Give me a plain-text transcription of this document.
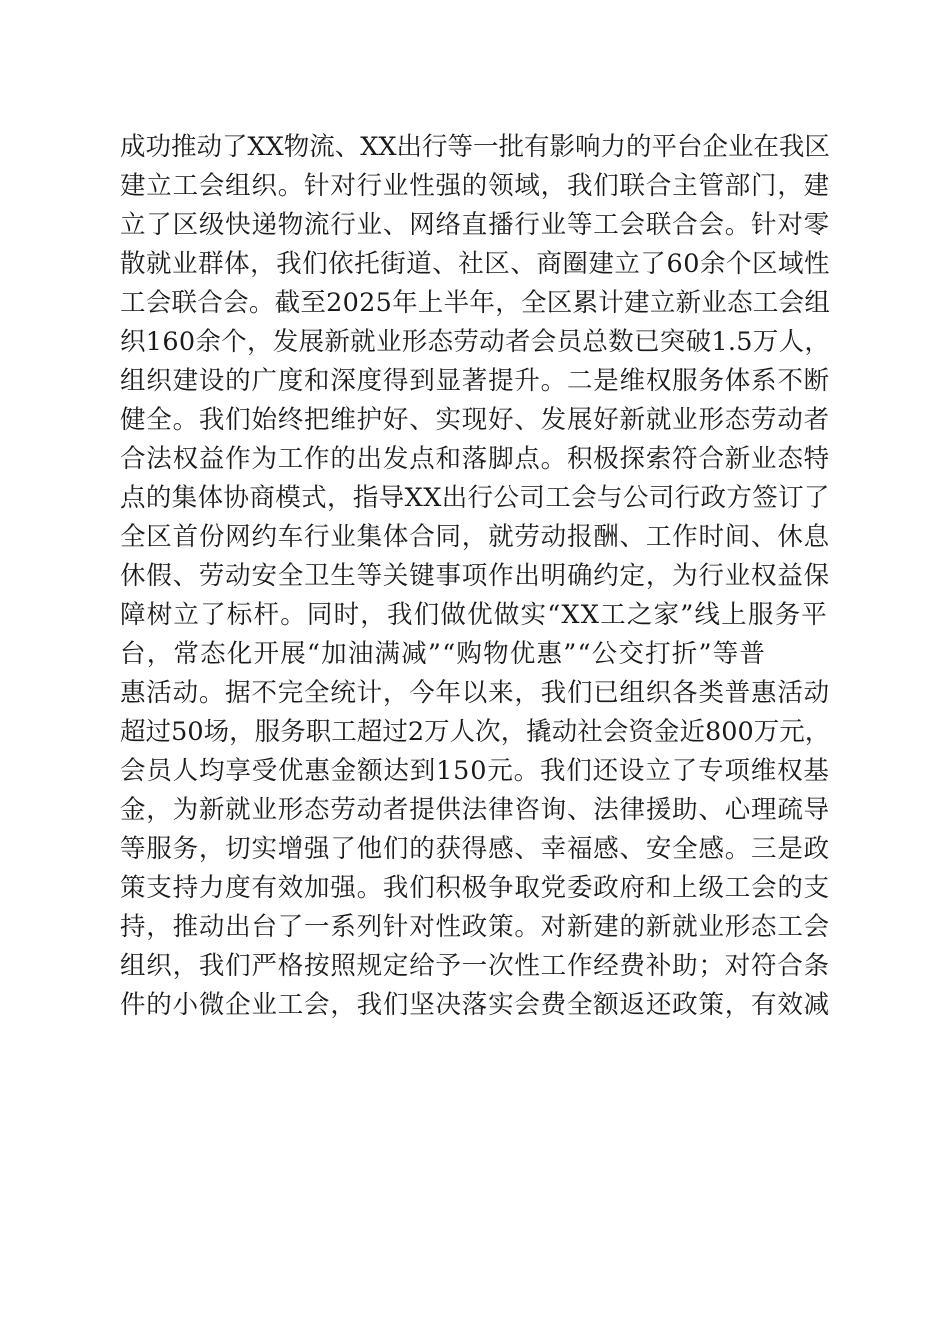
成功推动了XX物流、XX出行等一批有影响力的平台企业在我区
建立工会组织。针对行业性强的领域，我们联合主管部门，建
立了区级快递物流行业、网络直播行业等工会联合会。针对零
散就业群体，我们依托街道、社区、商圈建立了60余个区域性
工会联合会。截至2025年上半年，全区累计建立新业态工会组
织160余个，发展新就业形态劳动者会员总数已突破1.5万人，
组织建设的广度和深度得到显著提升。二是维权服务体系不断
健全。我们始终把维护好、实现好、发展好新就业形态劳动者
合法权益作为工作的出发点和落脚点。积极探索符合新业态特
点的集体协商模式，指导XX出行公司工会与公司行政方签订了
全区首份网约车行业集体合同，就劳动报酬、工作时间、休息
休假、劳动安全卫生等关键事项作出明确约定，为行业权益保
障树立了标杆。同时，我们做优做实“XX工之家”线上服务平
台，常态化开展“加油满减”“购物优惠”“公交打折”等普
惠活动。据不完全统计，今年以来，我们已组织各类普惠活动
超过50场，服务职工超过2万人次，撬动社会资金近800万元，
会员人均享受优惠金额达到150元。我们还设立了专项维权基
金，为新就业形态劳动者提供法律咨询、法律援助、心理疏导
等服务，切实增强了他们的获得感、幸福感、安全感。三是政
策支持力度有效加强。我们积极争取党委政府和上级工会的支
持，推动出台了一系列针对性政策。对新建的新就业形态工会
组织，我们严格按照规定给予一次性工作经费补助；对符合条
件的小微企业工会，我们坚决落实会费全额返还政策，有效减
